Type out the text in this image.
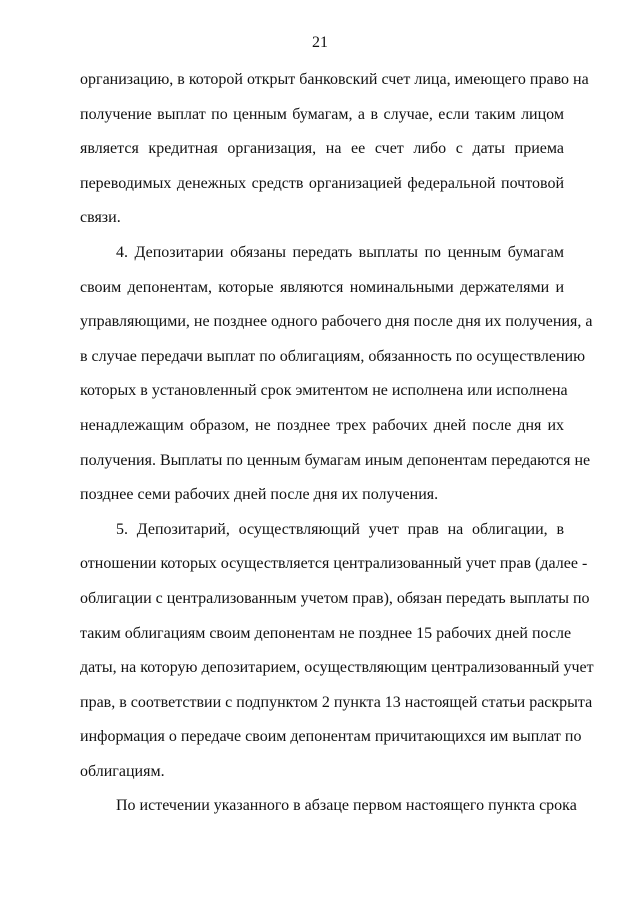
21
организацию, в которой открыт банковский счет лица, имеющего право на
получение выплат по ценным бумагам, а в случае, если таким лицом
является кредитная организация, на ее счет либо с даты приема
переводимых денежных средств организацией федеральной почтовой
связи.
4. Депозитарии обязаны передать выплаты по ценным бумагам
своим депонентам, которые являются номинальными держателями и
управляющими, не позднее одного рабочего дня после дня их получения, а
в случае передачи выплат по облигациям, обязанность по осуществлению
которых в установленный срок эмитентом не исполнена или исполнена
ненадлежащим образом, не позднее трех рабочих дней после дня их
получения. Выплаты по ценным бумагам иным депонентам передаются не
позднее семи рабочих дней после дня их получения.
5. Депозитарий, осуществляющий учет прав на облигации, в
отношении которых осуществляется централизованный учет прав (далее -
облигации с централизованным учетом прав), обязан передать выплаты по
таким облигациям своим депонентам не позднее 15 рабочих дней после
даты, на которую депозитарием, осуществляющим централизованный учет
прав, в соответствии с подпунктом 2 пункта 13 настоящей статьи раскрыта
информация о передаче своим депонентам причитающихся им выплат по
облигациям.
По истечении указанного в абзаце первом настоящего пункта срока
